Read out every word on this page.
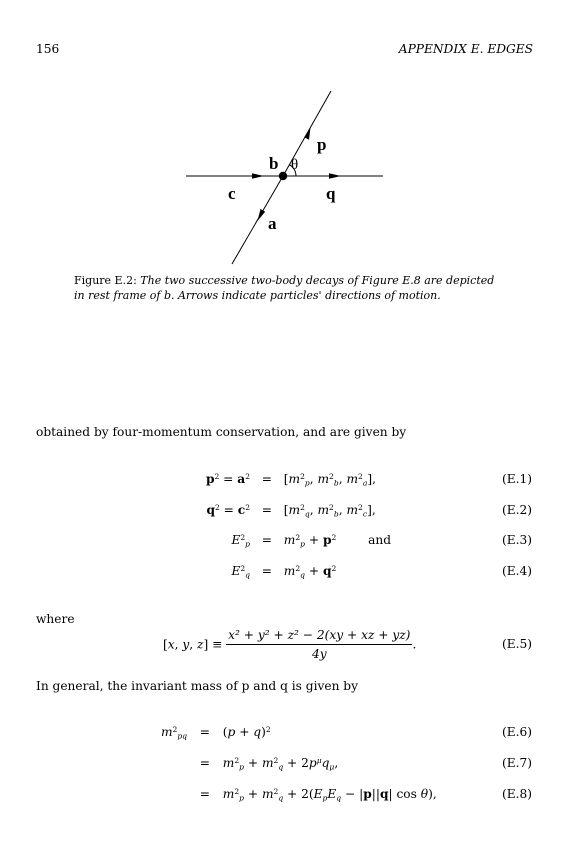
156	APPENDIX E. EDGES
p
b θ
c	q
a
Figure E.2: The two successive two-body decays of Figure E.8 are depicted
in rest frame of b. Arrows indicate particles' directions of motion.
obtained by four-momentum conservation, and are given by
$p^2 = a^2 = [m^2_p$, $m^2_b$, $m^2_a$],	(E.1)
$q^2 = c^2 = [m^2_q$, $m^2_b$, $m^2_c$],	(E.2)
$E^2_p = m^2_p + p^2$	and	(E.3)
$E^2_q = m^2_q + q^2$	(E.4)
where
[x, y, $z] \equiv \frac{\text{x² + y² + z² − 2(xy + xz + yz)}}{4y}$ .	(E.5)
In general, the invariant mass of p and q is given by
$m^2_{pq} = (p + q)^2$	(E.6)
= $m^2_p + m^2_q + 2p^\mu q_\mu$,	(E.7)
= $m^2_p + m^2_q + 2(E_pE_q - |p||q|$ cos θ),	(E.8)
